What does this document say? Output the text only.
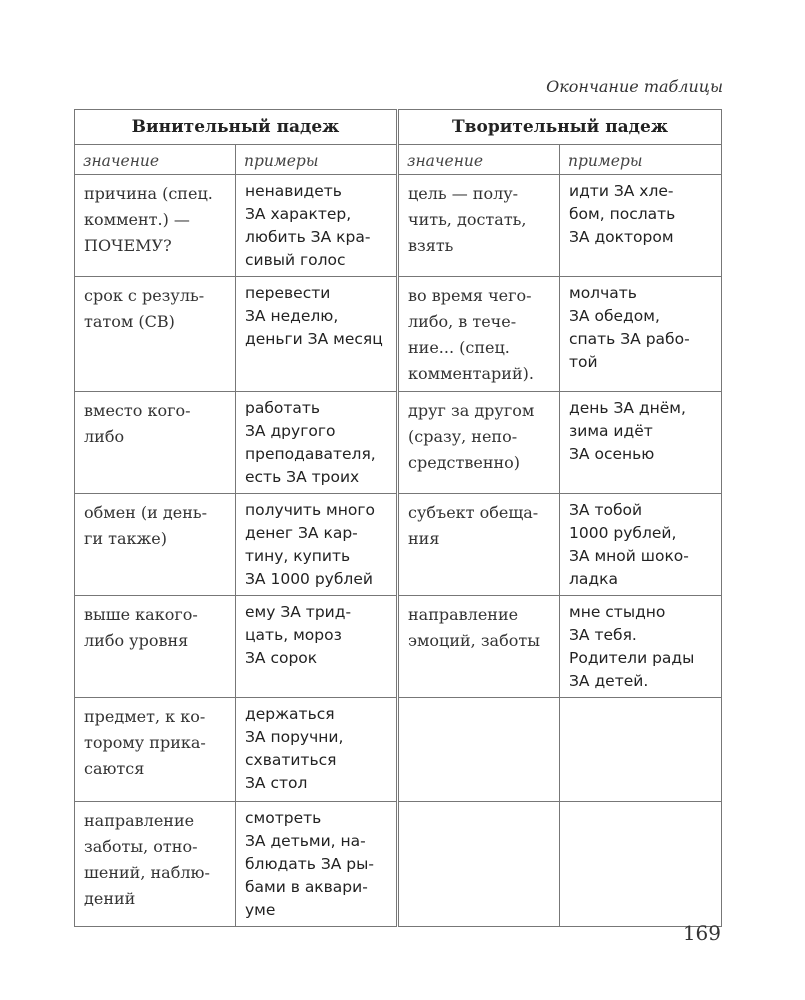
Окончание таблицы
Винительный падеж		Творительный падеж	
значение	примеры	значение	примеры

причина (спец.
коммент.) —
ПОЧЕМУ?	ненавидеть
ЗА характер,
любить ЗА кра-
сивый голос	цель — полу-
чить, достать,
взять	идти ЗА хле-
бом, послать
ЗА доктором

срок с резуль-
татом (СВ)	перевести
ЗА неделю,
деньги ЗА месяц	во время чего-
либо, в тече-
ние... (спец.
комментарий).	молчать
ЗА обедом,
спать ЗА рабо-
той

вместо кого-
либо	работать
ЗА другого
преподавателя,
есть ЗА троих	друг за другом
(сразу, непо-
средственно)	день ЗА днём,
зима идёт
ЗА осенью

обмен (и день-
ги также)	получить много
денег ЗА кар-
тину, купить
ЗА 1000 рублей	субъект обеща-
ния	ЗА тобой
1000 рублей,
ЗА мной шоко-
ладка

выше какого-
либо уровня	ему ЗА трид-
цать, мороз
ЗА сорок	направление
эмоций, заботы	мне стыдно
ЗА тебя.
Родители рады
ЗА детей.

предмет, к ко-
торому прика-
саются	держаться
ЗА поручни,
схватиться
ЗА стол		

направление
заботы, отно-
шений, наблю-
дений	смотреть
ЗА детьми, на-
блюдать ЗА ры-
бами в аквари-
уме		

169
